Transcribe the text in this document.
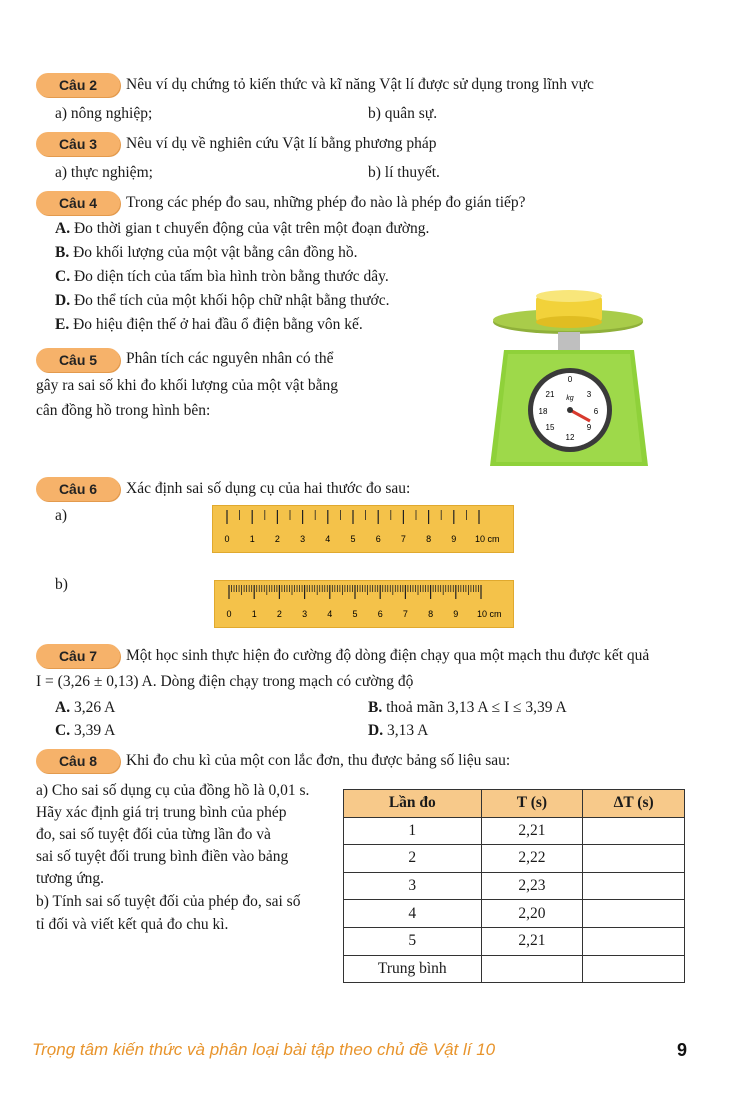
Câu 2	Nêu ví dụ chứng tỏ kiến thức và kĩ năng Vật lí được sử dụng trong lĩnh vực
a) nông nghiệp;	b) quân sự.
Câu 3	Nêu ví dụ về nghiên cứu Vật lí bằng phương pháp
a) thực nghiệm;	b) lí thuyết.
Câu 4	Trong các phép đo sau, những phép đo nào là phép đo gián tiếp?
A. Đo thời gian t chuyển động của vật trên một đoạn đường.
B. Đo khối lượng của một vật bằng cân đồng hồ.
C. Đo diện tích của tấm bìa hình tròn bằng thước dây.
D. Đo thể tích của một khối hộp chữ nhật bằng thước.
E. Đo hiệu điện thế ở hai đầu ổ điện bằng vôn kế.
Câu 5	Phân tích các nguyên nhân có thể
gây ra sai số khi đo khối lượng của một vật bằng
cân đồng hồ trong hình bên:
0
3
6
9
12
15
18
21 kg
Câu 6	Xác định sai số dụng cụ của hai thước đo sau:
a)
b)
0 1 2 3 4 5 6 7 8 9 10 cm
0 1 2 3 4 5 6 7 8 9 10 cm
Câu 7	Một học sinh thực hiện đo cường độ dòng điện chạy qua một mạch thu được kết quả
I = (3,26 ± 0,13) A. Dòng điện chạy trong mạch có cường độ
A. 3,26 A	B. thoả mãn 3,13 A ≤ I ≤ 3,39 A
C. 3,39 A	D. 3,13 A
Câu 8	Khi đo chu kì của một con lắc đơn, thu được bảng số liệu sau:
a) Cho sai số dụng cụ của đồng hồ là 0,01 s.
Hãy xác định giá trị trung bình của phép
đo, sai số tuyệt đối của từng lần đo và
sai số tuyệt đối trung bình điền vào bảng
tương ứng.
b) Tính sai số tuyệt đối của phép đo, sai số
tỉ đối và viết kết quả đo chu kì.
Lần đo	T (s)	ΔT (s)
1	2,21	
2	2,22	
3	2,23	
4	2,20	
5	2,21	
Trung bình		
Trọng tâm kiến thức và phân loại bài tập theo chủ đề Vật lí 10	9
